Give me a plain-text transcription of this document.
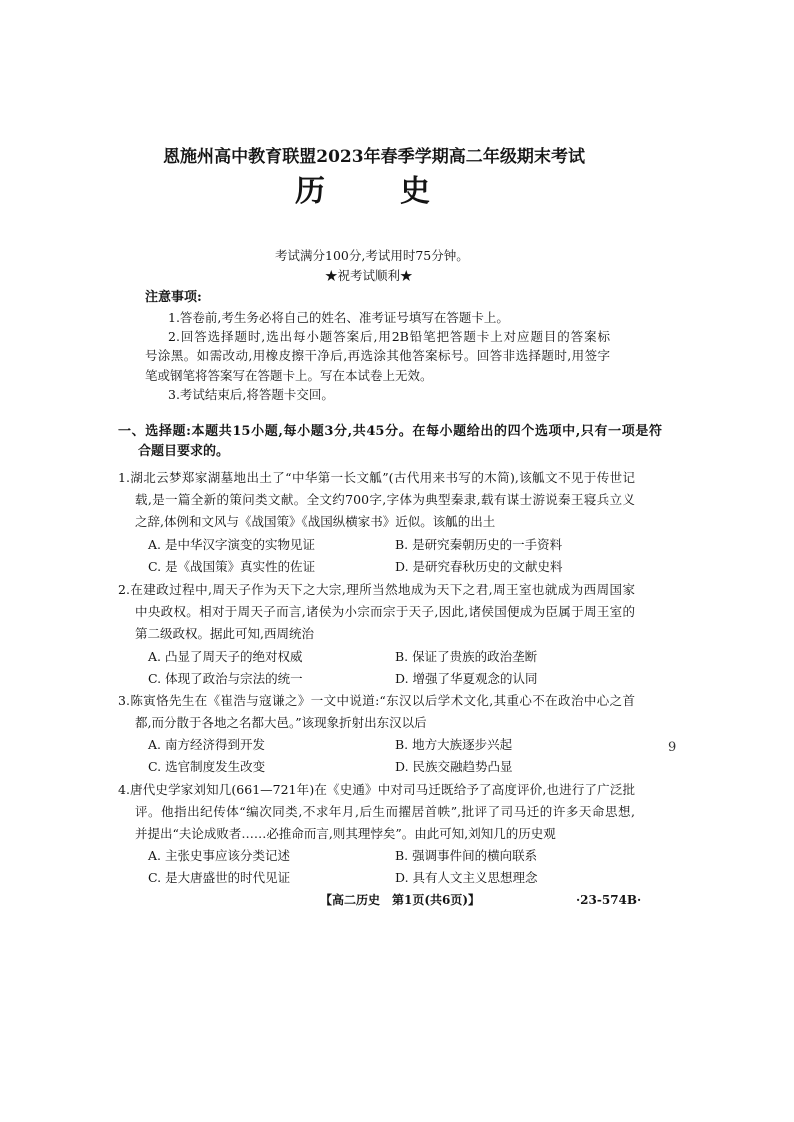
恩施州高中教育联盟2023年春季学期高二年级期末考试
历	史
考试满分100分,考试用时75分钟。
★祝考试顺利★
注意事项:
1.答卷前,考生务必将自己的姓名、准考证号填写在答题卡上。
2.回答选择题时,选出每小题答案后,用2B铅笔把答题卡上对应题目的答案标
号涂黑。如需改动,用橡皮擦干净后,再选涂其他答案标号。回答非选择题时,用签字
笔或钢笔将答案写在答题卡上。写在本试卷上无效。
3.考试结束后,将答题卡交回。
一、选择题:本题共15小题,每小题3分,共45分。在每小题给出的四个选项中,只有一项是符
合题目要求的。
1.湖北云梦郑家湖墓地出土了“中华第一长文觚”(古代用来书写的木简),该觚文不见于传世记
载,是一篇全新的策问类文献。全文约700字,字体为典型秦隶,载有谋士游说秦王寝兵立义
之辞,体例和文风与《战国策》《战国纵横家书》近似。该觚的出土
A. 是中华汉字演变的实物见证	B. 是研究秦朝历史的一手资料
C. 是《战国策》真实性的佐证	D. 是研究春秋历史的文献史料
2.在建政过程中,周天子作为天下之大宗,理所当然地成为天下之君,周王室也就成为西周国家
中央政权。相对于周天子而言,诸侯为小宗而宗于天子,因此,诸侯国便成为臣属于周王室的
第二级政权。据此可知,西周统治
A. 凸显了周天子的绝对权威	B. 保证了贵族的政治垄断
C. 体现了政治与宗法的统一	D. 增强了华夏观念的认同
3.陈寅恪先生在《崔浩与寇谦之》一文中说道:“东汉以后学术文化,其重心不在政治中心之首
都,而分散于各地之名都大邑。”该现象折射出东汉以后
A. 南方经济得到开发	B. 地方大族逐步兴起
C. 选官制度发生改变	D. 民族交融趋势凸显
4.唐代史学家刘知几(661—721年)在《史通》中对司马迁既给予了高度评价,也进行了广泛批
评。他指出纪传体“编次同类,不求年月,后生而擢居首帙”,批评了司马迁的许多天命思想,
并提出“夫论成败者……必推命而言,则其理悖矣”。由此可知,刘知几的历史观
A. 主张史事应该分类记述	B. 强调事件间的横向联系
C. 是大唐盛世的时代见证	D. 具有人文主义思想理念
9
【高二历史　第1页(共6页)】	·23-574B·
